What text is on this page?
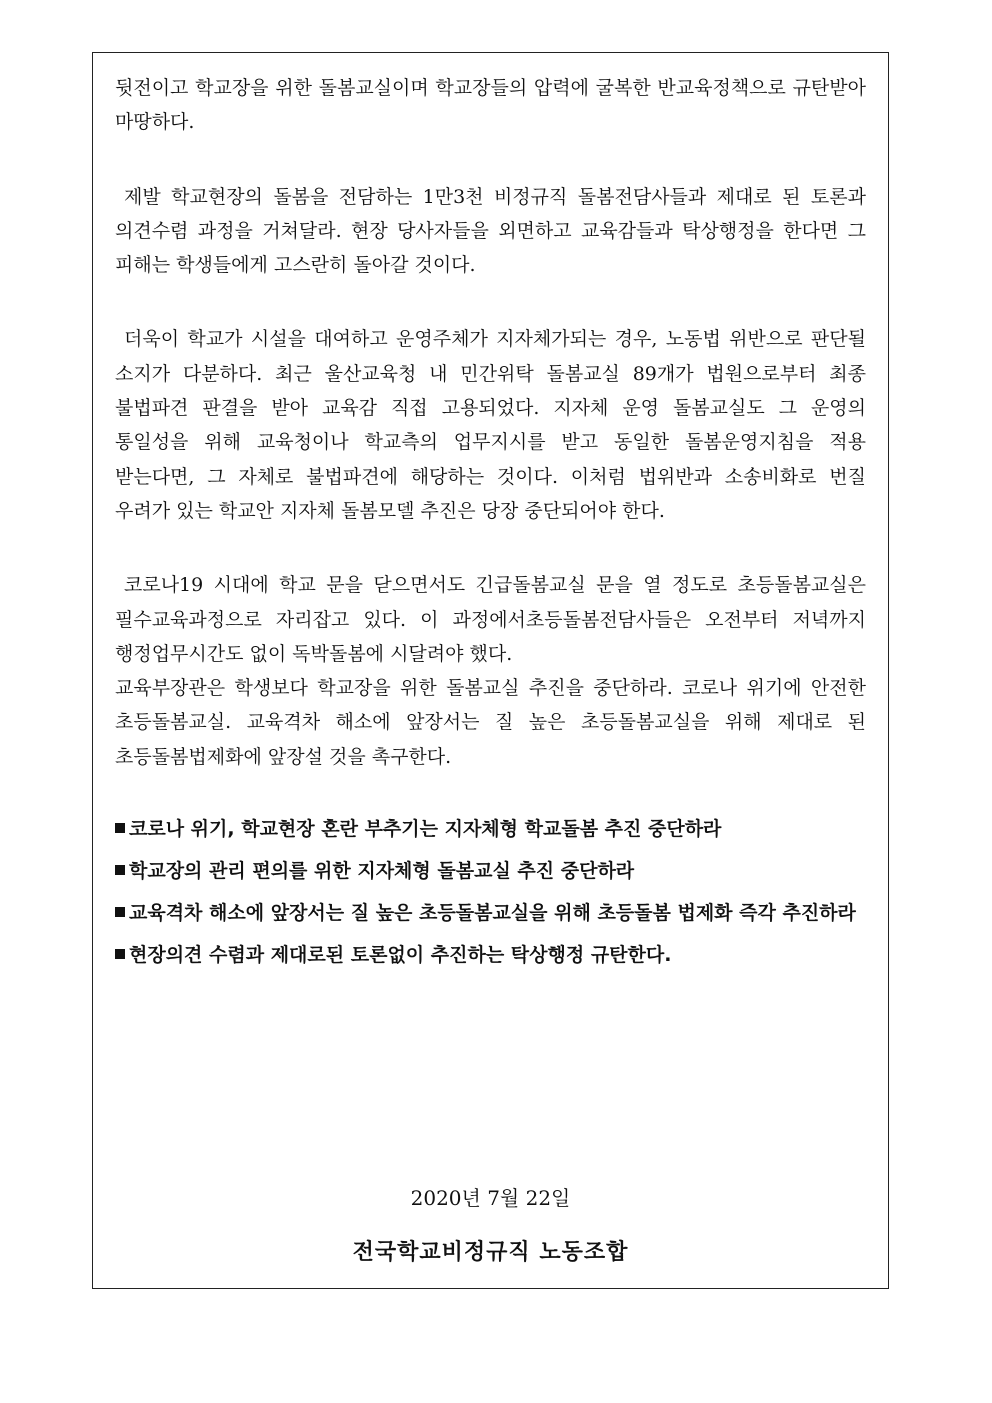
뒷전이고 학교장을 위한 돌봄교실이며 학교장들의 압력에 굴복한 반교육정책으로 규탄받아 마땅하다.

제발 학교현장의 돌봄을 전담하는 1만3천 비정규직 돌봄전담사들과 제대로 된 토론과 의견수렴 과정을 거쳐달라. 현장 당사자들을 외면하고 교육감들과 탁상행정을 한다면 그 피해는 학생들에게 고스란히 돌아갈 것이다.

더욱이 학교가 시설을 대여하고 운영주체가 지자체가되는 경우, 노동법 위반으로 판단될 소지가 다분하다. 최근 울산교육청 내 민간위탁 돌봄교실 89개가 법원으로부터 최종 불법파견 판결을 받아 교육감 직접 고용되었다. 지자체 운영 돌봄교실도 그 운영의 통일성을 위해 교육청이나 학교측의 업무지시를 받고 동일한 돌봄운영지침을 적용 받는다면, 그 자체로 불법파견에 해당하는 것이다. 이처럼 법위반과 소송비화로 번질 우려가 있는 학교안 지자체 돌봄모델 추진은 당장 중단되어야 한다.

코로나19 시대에 학교 문을 닫으면서도 긴급돌봄교실 문을 열 정도로 초등돌봄교실은 필수교육과정으로 자리잡고 있다. 이 과정에서초등돌봄전담사들은 오전부터 저녁까지 행정업무시간도 없이 독박돌봄에 시달려야 했다.

교육부장관은 학생보다 학교장을 위한 돌봄교실 추진을 중단하라. 코로나 위기에 안전한 초등돌봄교실. 교육격차 해소에 앞장서는 질 높은 초등돌봄교실을 위해 제대로 된 초등돌봄법제화에 앞장설 것을 촉구한다.

코로나 위기, 학교현장 혼란 부추기는 지자체형 학교돌봄 추진 중단하라

학교장의 관리 편의를 위한 지자체형 돌봄교실 추진 중단하라

교육격차 해소에 앞장서는 질 높은 초등돌봄교실을 위해 초등돌봄 법제화 즉각 추진하라

현장의견 수렴과 제대로된 토론없이 추진하는 탁상행정 규탄한다.

2020년 7월 22일

전국학교비정규직 노동조합
